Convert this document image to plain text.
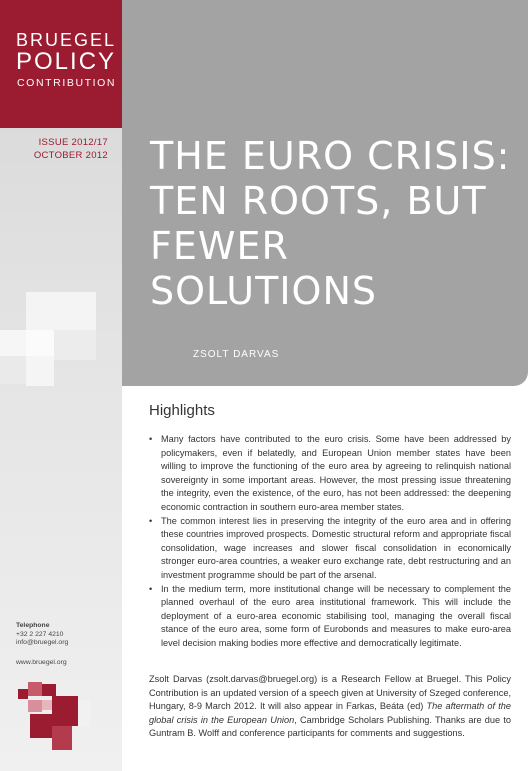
BRUEGEL
POLICY
CONTRIBUTION
ISSUE 2012/17
OCTOBER 2012 THE EURO CRISIS:
TEN ROOTS, BUT
FEWER SOLUTIONS
ZSOLT DARVAS
Highlights
• Many factors have contributed to the euro crisis. Some have been addressed by policymakers, even if belatedly, and European Union member states have been willing to improve the functioning of the euro area by agreeing to relinquish national sovereignty in some important areas. However, the most pressing issue threatening the integrity, even the existence, of the euro, has not been addressed: the deepening economic contraction in southern euro-area member states.
• The common interest lies in preserving the integrity of the euro area and in offering these countries improved prospects. Domestic structural reform and appropriate fiscal consolidation, wage increases and slower fiscal consolidation in economically stronger euro-area countries, a weaker euro exchange rate, debt restructuring and an investment programme should be part of the arsenal.
• In the medium term, more institutional change will be necessary to complement the planned overhaul of the euro area institutional framework. This will include the deployment of a euro-area economic stabilising tool, managing the overall fiscal stance of the euro area, some form of Eurobonds and measures to make euro-area level decision making bodies more effective and democratically legitimate.
Zsolt Darvas (zsolt.darvas@bruegel.org) is a Research Fellow at Bruegel. This Policy Contribution is an updated version of a speech given at University of Szeged conference, Hungary, 8-9 March 2012. It will also appear in Farkas, Beáta (ed) The aftermath of the global crisis in the European Union, Cambridge Scholars Publishing. Thanks are due to Guntram B. Wolff and conference participants for comments and suggestions.
Telephone
+32 2 227 4210
info@bruegel.org
www.bruegel.org
